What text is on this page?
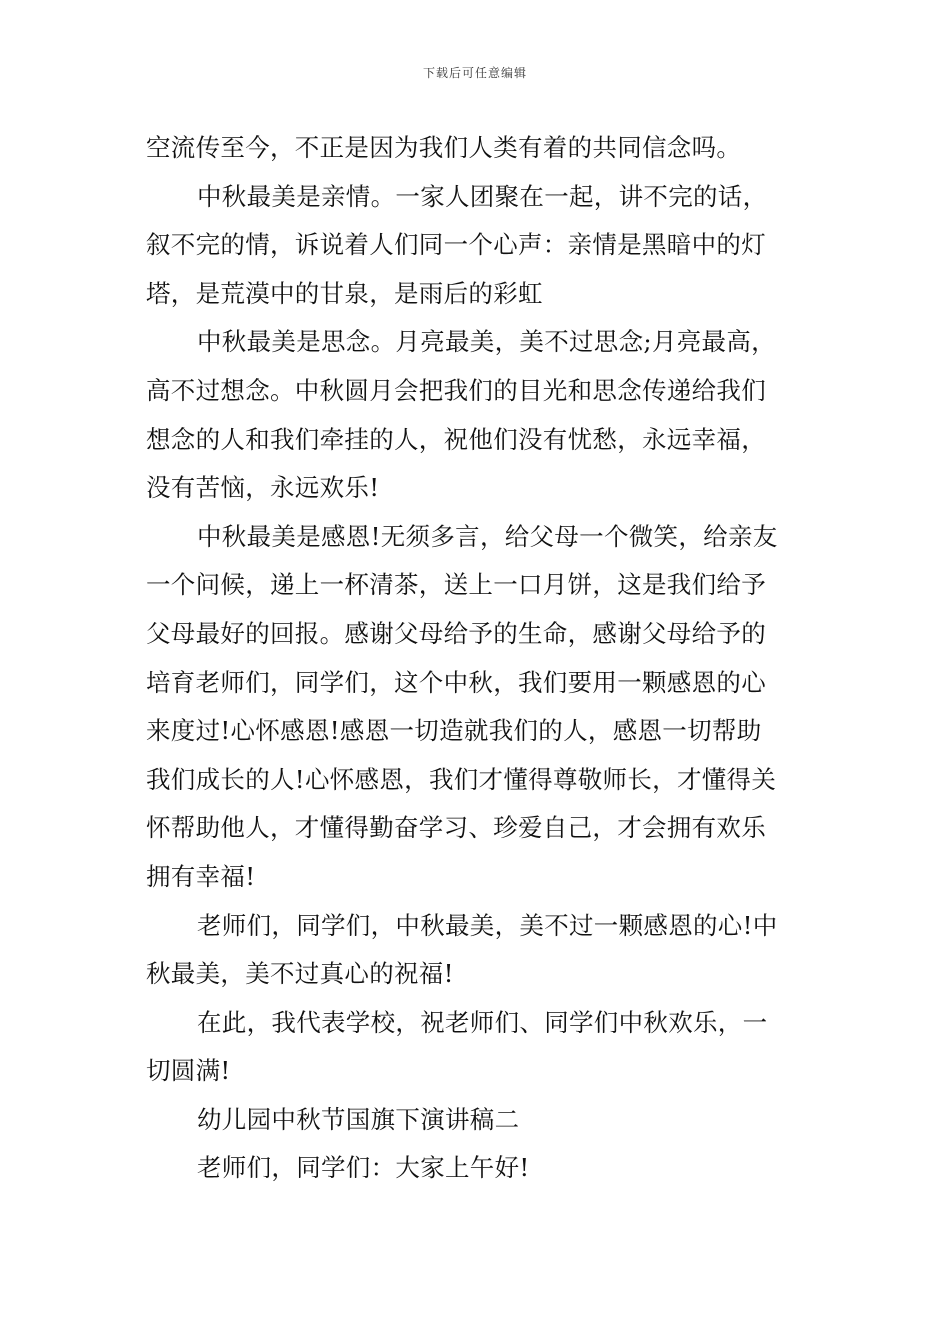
下载后可任意编辑
空流传至今，不正是因为我们人类有着的共同信念吗。
中秋最美是亲情。一家人团聚在一起，讲不完的话，
叙不完的情，诉说着人们同一个心声：亲情是黑暗中的灯
塔，是荒漠中的甘泉，是雨后的彩虹
中秋最美是思念。月亮最美，美不过思念;月亮最高，
高不过想念。中秋圆月会把我们的目光和思念传递给我们
想念的人和我们牵挂的人，祝他们没有忧愁，永远幸福，
没有苦恼，永远欢乐!
中秋最美是感恩!无须多言，给父母一个微笑，给亲友
一个问候，递上一杯清茶，送上一口月饼，这是我们给予
父母最好的回报。感谢父母给予的生命，感谢父母给予的
培育老师们，同学们，这个中秋，我们要用一颗感恩的心
来度过!心怀感恩!感恩一切造就我们的人，感恩一切帮助
我们成长的人!心怀感恩，我们才懂得尊敬师长，才懂得关
怀帮助他人，才懂得勤奋学习、珍爱自己，才会拥有欢乐
拥有幸福!
老师们，同学们，中秋最美，美不过一颗感恩的心!中
秋最美，美不过真心的祝福!
在此，我代表学校，祝老师们、同学们中秋欢乐，一
切圆满!
幼儿园中秋节国旗下演讲稿二
老师们，同学们：大家上午好!
